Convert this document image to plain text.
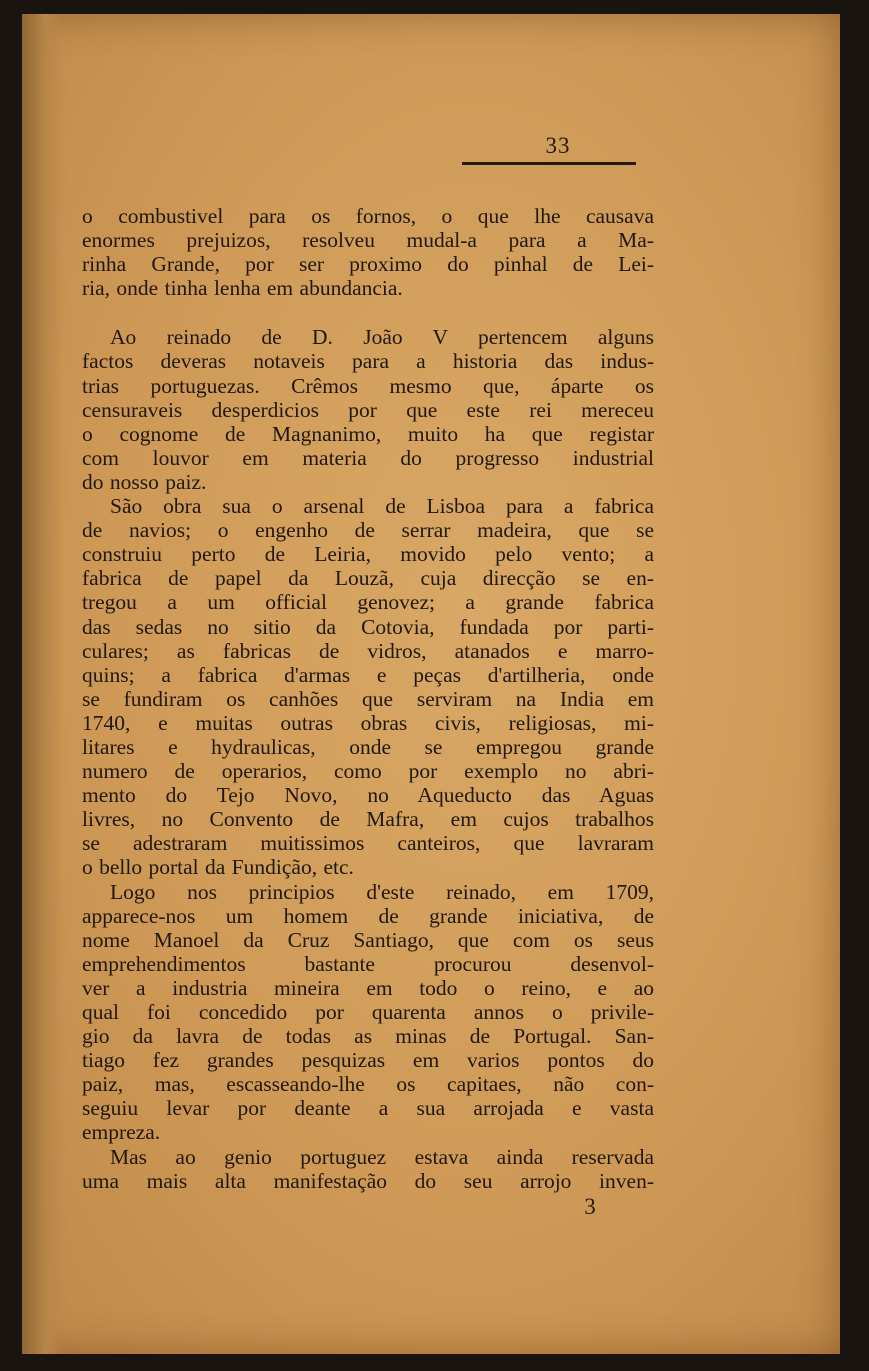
33

o combustivel para os fornos, o que lhe causava

enormes prejuizos, resolveu mudal-a para a Ma-

rinha Grande, por ser proximo do pinhal de Lei-

ria, onde tinha lenha em abundancia.

Ao reinado de D. João V pertencem alguns

factos deveras notaveis para a historia das indus-

trias portuguezas. Crêmos mesmo que, áparte os

censuraveis desperdicios por que este rei mereceu

o cognome de Magnanimo, muito ha que registar

com louvor em materia do progresso industrial

do nosso paiz.

São obra sua o arsenal de Lisboa para a fabrica

de navios; o engenho de serrar madeira, que se

construiu perto de Leiria, movido pelo vento; a

fabrica de papel da Louzã, cuja direcção se en-

tregou a um official genovez; a grande fabrica

das sedas no sitio da Cotovia, fundada por parti-

culares; as fabricas de vidros, atanados e marro-

quins; a fabrica d'armas e peças d'artilheria, onde

se fundiram os canhões que serviram na India em

1740, e muitas outras obras civis, religiosas, mi-

litares e hydraulicas, onde se empregou grande

numero de operarios, como por exemplo no abri-

mento do Tejo Novo, no Aqueducto das Aguas

livres, no Convento de Mafra, em cujos trabalhos

se adestraram muitissimos canteiros, que lavraram

o bello portal da Fundição, etc.

Logo nos principios d'este reinado, em 1709,

apparece-nos um homem de grande iniciativa, de

nome Manoel da Cruz Santiago, que com os seus

emprehendimentos bastante procurou desenvol-

ver a industria mineira em todo o reino, e ao

qual foi concedido por quarenta annos o privile-

gio da lavra de todas as minas de Portugal. San-

tiago fez grandes pesquizas em varios pontos do

paiz, mas, escasseando-lhe os capitaes, não con-

seguiu levar por deante a sua arrojada e vasta

empreza.

Mas ao genio portuguez estava ainda reservada

uma mais alta manifestação do seu arrojo inven-

3
